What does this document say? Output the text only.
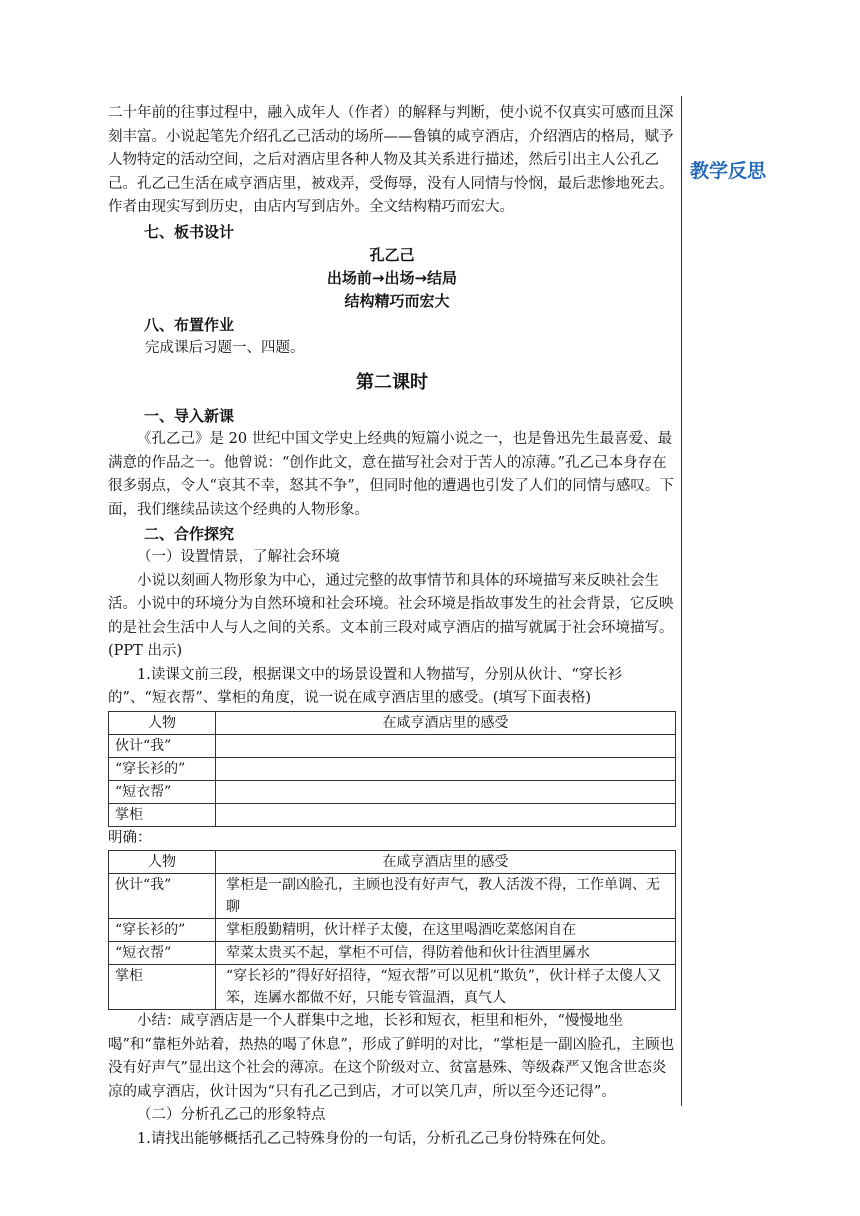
教学反思

二十年前的往事过程中，融入成年人（作者）的解释与判断，使小说不仅真实可感而且深刻丰富。小说起笔先介绍孔乙己活动的场所——鲁镇的咸亨酒店，介绍酒店的格局，赋予人物特定的活动空间，之后对酒店里各种人物及其关系进行描述，然后引出主人公孔乙己。孔乙己生活在咸亨酒店里，被戏弄，受侮辱，没有人同情与怜悯，最后悲惨地死去。作者由现实写到历史，由店内写到店外。全文结构精巧而宏大。

七、板书设计

孔乙己

出场前→出场→结局

结构精巧而宏大

八、布置作业

完成课后习题一、四题。

第二课时

一、导入新课

《孔乙己》是 20 世纪中国文学史上经典的短篇小说之一，也是鲁迅先生最喜爱、最满意的作品之一。他曾说：“创作此文，意在描写社会对于苦人的凉薄。”孔乙己本身存在很多弱点，令人“哀其不幸，怒其不争”，但同时他的遭遇也引发了人们的同情与感叹。下面，我们继续品读这个经典的人物形象。

二、合作探究

（一）设置情景，了解社会环境

小说以刻画人物形象为中心，通过完整的故事情节和具体的环境描写来反映社会生活。小说中的环境分为自然环境和社会环境。社会环境是指故事发生的社会背景，它反映的是社会生活中人与人之间的关系。文本前三段对咸亨酒店的描写就属于社会环境描写。(PPT 出示)

1.读课文前三段，根据课文中的场景设置和人物描写，分别从伙计、“穿长衫的”、“短衣帮”、掌柜的角度，说一说在咸亨酒店里的感受。(填写下面表格)

人物	在咸亨酒店里的感受
伙计“我”	
“穿长衫的”	
“短衣帮”	
掌柜	

明确：

人物	在咸亨酒店里的感受
伙计“我”	掌柜是一副凶脸孔，主顾也没有好声气，教人活泼不得，工作单调、无聊
“穿长衫的”	掌柜殷勤精明，伙计样子太傻，在这里喝酒吃菜悠闲自在
“短衣帮”	荤菜太贵买不起，掌柜不可信，得防着他和伙计往酒里羼水
掌柜	“穿长衫的”得好好招待，“短衣帮”可以见机“欺负”，伙计样子太傻人又笨，连羼水都做不好，只能专管温酒，真气人

小结：咸亨酒店是一个人群集中之地，长衫和短衣，柜里和柜外，“慢慢地坐喝”和“靠柜外站着，热热的喝了休息”，形成了鲜明的对比，“掌柜是一副凶脸孔，主顾也没有好声气”显出这个社会的薄凉。在这个阶级对立、贫富悬殊、等级森严又饱含世态炎凉的咸亨酒店，伙计因为“只有孔乙己到店，才可以笑几声，所以至今还记得”。

（二）分析孔乙己的形象特点

1.请找出能够概括孔乙己特殊身份的一句话，分析孔乙己身份特殊在何处。
